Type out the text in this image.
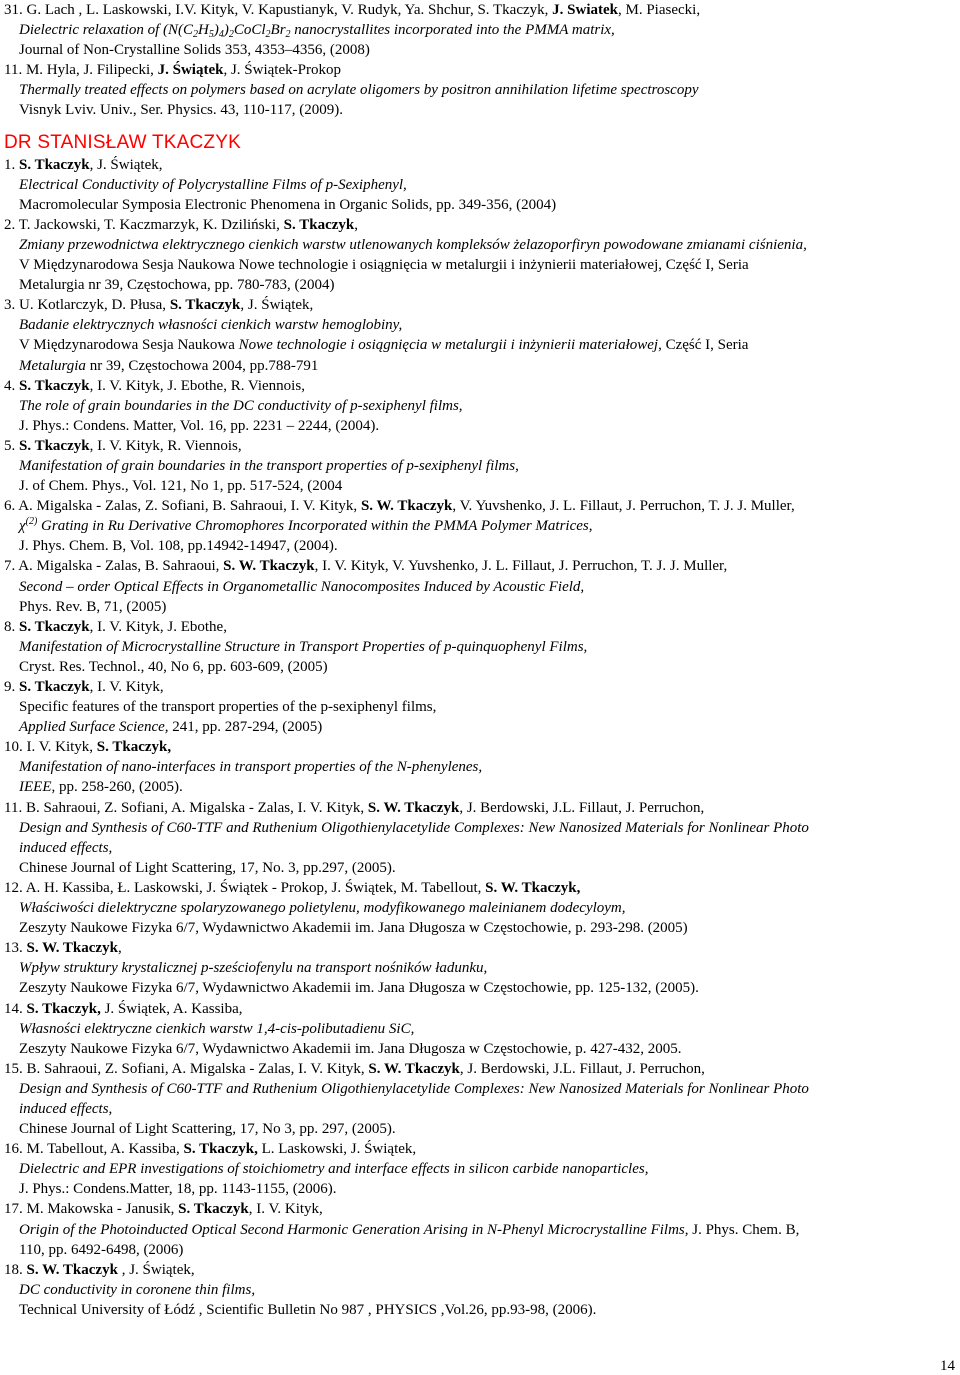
31. G. Lach , L. Laskowski, I.V. Kityk, V. Kapustianyk, V. Rudyk, Ya. Shchur, S. Tkaczyk, J. Swiatek, M. Piasecki,
Dielectric relaxation of $(N(C_2H_5)_4)_2CoCl_2Br_2$ nanocrystallites incorporated into the PMMA matrix,
Journal of Non-Crystalline Solids 353, 4353–4356, (2008)
11. M. Hyla, J. Filipecki, J. Świątek, J. Świątek-Prokop
Thermally treated effects on polymers based on acrylate oligomers by positron annihilation lifetime spectroscopy
Visnyk Lviv. Univ., Ser. Physics. 43, 110-117, (2009).
DR STANISŁAW TKACZYK
1. S. Tkaczyk, J. Świątek,
Electrical Conductivity of Polycrystalline Films of p-Sexiphenyl,
Macromolecular Symposia Electronic Phenomena in Organic Solids, pp. 349-356, (2004)
2. T. Jackowski, T. Kaczmarzyk, K. Dziliński, S. Tkaczyk,
Zmiany przewodnictwa elektrycznego cienkich warstw utlenowanych kompleksów żelazoporfiryn powodowane zmianami ciśnienia,
V Międzynarodowa Sesja Naukowa Nowe technologie i osiągnięcia w metalurgii i inżynierii materiałowej, Część I, Seria
Metalurgia nr 39, Częstochowa, pp. 780-783, (2004)
3. U. Kotlarczyk, D. Płusa, S. Tkaczyk, J. Świątek,
Badanie elektrycznych własności cienkich warstw hemoglobiny,
V Międzynarodowa Sesja Naukowa Nowe technologie i osiągnięcia w metalurgii i inżynierii materiałowej, Część I, Seria
Metalurgia nr 39, Częstochowa 2004, pp.788-791
4. S. Tkaczyk, I. V. Kityk, J. Ebothe, R. Viennois,
The role of grain boundaries in the DC conductivity of p-sexiphenyl films,
J. Phys.: Condens. Matter, Vol. 16, pp. 2231 – 2244, (2004).
5. S. Tkaczyk, I. V. Kityk, R. Viennois,
Manifestation of grain boundaries in the transport properties of p-sexiphenyl films,
J. of Chem. Phys., Vol. 121, No 1, pp. 517-524, (2004
6. A. Migalska - Zalas, Z. Sofiani, B. Sahraoui, I. V. Kityk, S. W. Tkaczyk, V. Yuvshenko, J. L. Fillaut, J. Perruchon, T. J. J. Muller,
$\chi^{(2)}$ Grating in Ru Derivative Chromophores Incorporated within the PMMA Polymer Matrices,
J. Phys. Chem. B, Vol. 108, pp.14942-14947, (2004).
7. A. Migalska - Zalas, B. Sahraoui, S. W. Tkaczyk, I. V. Kityk, V. Yuvshenko, J. L. Fillaut, J. Perruchon, T. J. J. Muller,
Second – order Optical Effects in Organometallic Nanocomposites Induced by Acoustic Field,
Phys. Rev. B, 71, (2005)
8. S. Tkaczyk, I. V. Kityk, J. Ebothe,
Manifestation of Microcrystalline Structure in Transport Properties of p-quinquophenyl Films,
Cryst. Res. Technol., 40, No 6, pp. 603-609, (2005)
9. S. Tkaczyk, I. V. Kityk,
Specific features of the transport properties of the p-sexiphenyl films,
Applied Surface Science, 241, pp. 287-294, (2005)
10. I. V. Kityk, S. Tkaczyk,
Manifestation of nano-interfaces in transport properties of the N-phenylenes,
IEEE, pp. 258-260, (2005).
11. B. Sahraoui, Z. Sofiani, A. Migalska - Zalas, I. V. Kityk, S. W. Tkaczyk, J. Berdowski, J.L. Fillaut, J. Perruchon,
Design and Synthesis of C60-TTF and Ruthenium Oligothienylacetylide Complexes: New Nanosized Materials for Nonlinear Photo
induced effects,
Chinese Journal of Light Scattering, 17, No. 3, pp.297, (2005).
12. A. H. Kassiba, Ł. Laskowski, J. Świątek - Prokop, J. Świątek, M. Tabellout, S. W. Tkaczyk,
Właściwości dielektryczne spolaryzowanego polietylenu, modyfikowanego maleinianem dodecyloym,
Zeszyty Naukowe Fizyka 6/7, Wydawnictwo Akademii im. Jana Długosza w Częstochowie, p. 293-298. (2005)
13. S. W. Tkaczyk,
Wpływ struktury krystalicznej p-sześciofenylu na transport nośników ładunku,
Zeszyty Naukowe Fizyka 6/7, Wydawnictwo Akademii im. Jana Długosza w Częstochowie, pp. 125-132, (2005).
14. S. Tkaczyk, J. Świątek, A. Kassiba,
Własności elektryczne cienkich warstw 1,4-cis-polibutadienu SiC,
Zeszyty Naukowe Fizyka 6/7, Wydawnictwo Akademii im. Jana Długosza w Częstochowie, p. 427-432, 2005.
15. B. Sahraoui, Z. Sofiani, A. Migalska - Zalas, I. V. Kityk, S. W. Tkaczyk, J. Berdowski, J.L. Fillaut, J. Perruchon,
Design and Synthesis of C60-TTF and Ruthenium Oligothienylacetylide Complexes: New Nanosized Materials for Nonlinear Photo
induced effects,
Chinese Journal of Light Scattering, 17, No 3, pp. 297, (2005).
16. M. Tabellout, A. Kassiba, S. Tkaczyk, L. Laskowski, J. Świątek,
Dielectric and EPR investigations of stoichiometry and interface effects in silicon carbide nanoparticles,
J. Phys.: Condens.Matter, 18, pp. 1143-1155, (2006).
17. M. Makowska - Janusik, S. Tkaczyk, I. V. Kityk,
Origin of the Photoinducted Optical Second Harmonic Generation Arising in N-Phenyl Microcrystalline Films, J. Phys. Chem. B,
110, pp. 6492-6498, (2006)
18. S. W. Tkaczyk , J. Świątek,
DC conductivity in coronene thin films,
Technical University of Łódź , Scientific Bulletin No 987 , PHYSICS ,Vol.26, pp.93-98, (2006).
14
